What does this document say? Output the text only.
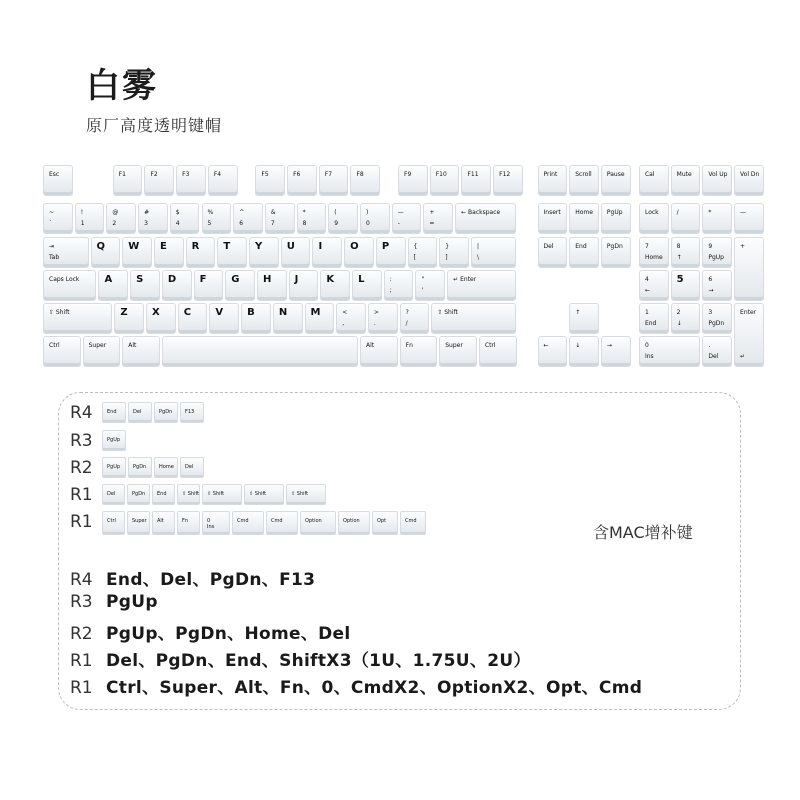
白雾
原厂高度透明键帽
Esc	F1	F2	F3	F4	F5	F6	F7	F8	F9	F10	F11	F12	Print	Scroll	Pause	Cal	Mute	Vol Up Vol Dn
~
`
!
1
@
2
#
3
$
4
%
5
^
6
&
7
*
8
(
9
)
0
—
-
+
=
← Backspace	Insert Home PgUp	Lock	/	*	—
⇥
Tab
Q W E R T Y U I	O P	{
[
}
]
|
\
Del	End	PgDn	7
Home
8
↑
9
PgUp
+
Caps Lock	A S D F G H J	K L	:
;
"
'
↵ Enter	4
←
5	6
→
⇧ Shift	Z X C V B N M	<
,
>
.
?
/
⇧ Shift	↑	1
End
2
↓
3
PgDn
Enter
↵
Ctrl	Super	Alt	Alt	Fn	Super	Ctrl	←	↓	→	0
Ins
.
Del
R4	End	Del	PgDn	F13
R3	PgUp
R2	PgUp	PgDn	Home Del
R1	Del	PgDn End	⇧ Shift ⇧ Shift	⇧ Shift	⇧ Shift
R1	Ctrl	Super Alt	Fn	0
Ins
Cmd	Cmd	Option	Option	Opt	Cmd
含MAC增补键
R4 End、Del、PgDn、F13
R3 PgUp
R2 PgUp、PgDn、Home、Del
R1 Del、PgDn、End、ShiftX3（1U、1.75U、2U）
R1 Ctrl、Super、Alt、Fn、0、CmdX2、OptionX2、Opt、Cmd
